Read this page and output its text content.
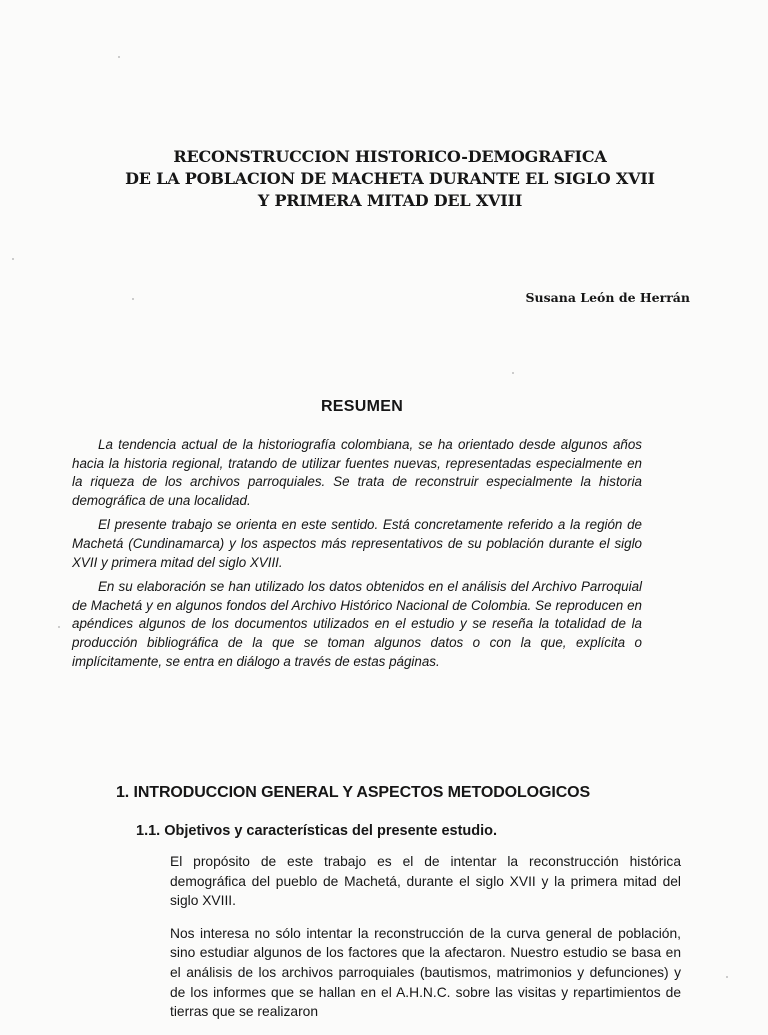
RECONSTRUCCION HISTORICO-DEMOGRAFICA
DE LA POBLACION DE MACHETA DURANTE EL SIGLO XVII
Y PRIMERA MITAD DEL XVIII
Susana León de Herrán
RESUMEN

La tendencia actual de la historiografía colombiana, se ha orientado desde algunos años hacia la historia regional, tratando de utilizar fuentes nuevas, representadas especialmente en la riqueza de los archivos parroquiales. Se trata de reconstruir especialmente la historia demográfica de una localidad.

El presente trabajo se orienta en este sentido. Está concretamente referido a la región de Machetá (Cundinamarca) y los aspectos más representativos de su población durante el siglo XVII y primera mitad del siglo XVIII.

En su elaboración se han utilizado los datos obtenidos en el análisis del Archivo Parroquial de Machetá y en algunos fondos del Archivo Histórico Nacional de Colombia. Se reproducen en apéndices algunos de los documentos utilizados en el estudio y se reseña la totalidad de la producción bibliográfica de la que se toman algunos datos o con la que, explícita o implícitamente, se entra en diálogo a través de estas páginas.

1. INTRODUCCION GENERAL Y ASPECTOS METODOLOGICOS
1.1. Objetivos y características del presente estudio.

El propósito de este trabajo es el de intentar la reconstrucción histórica demográfica del pueblo de Machetá, durante el siglo XVII y la primera mitad del siglo XVIII.

Nos interesa no sólo intentar la reconstrucción de la curva general de población, sino estudiar algunos de los factores que la afectaron. Nuestro estudio se basa en el análisis de los archivos parroquiales (bautismos, matrimonios y defunciones) y de los informes que se hallan en el A.H.N.C. sobre las visitas y repartimientos de tierras que se realizaron
